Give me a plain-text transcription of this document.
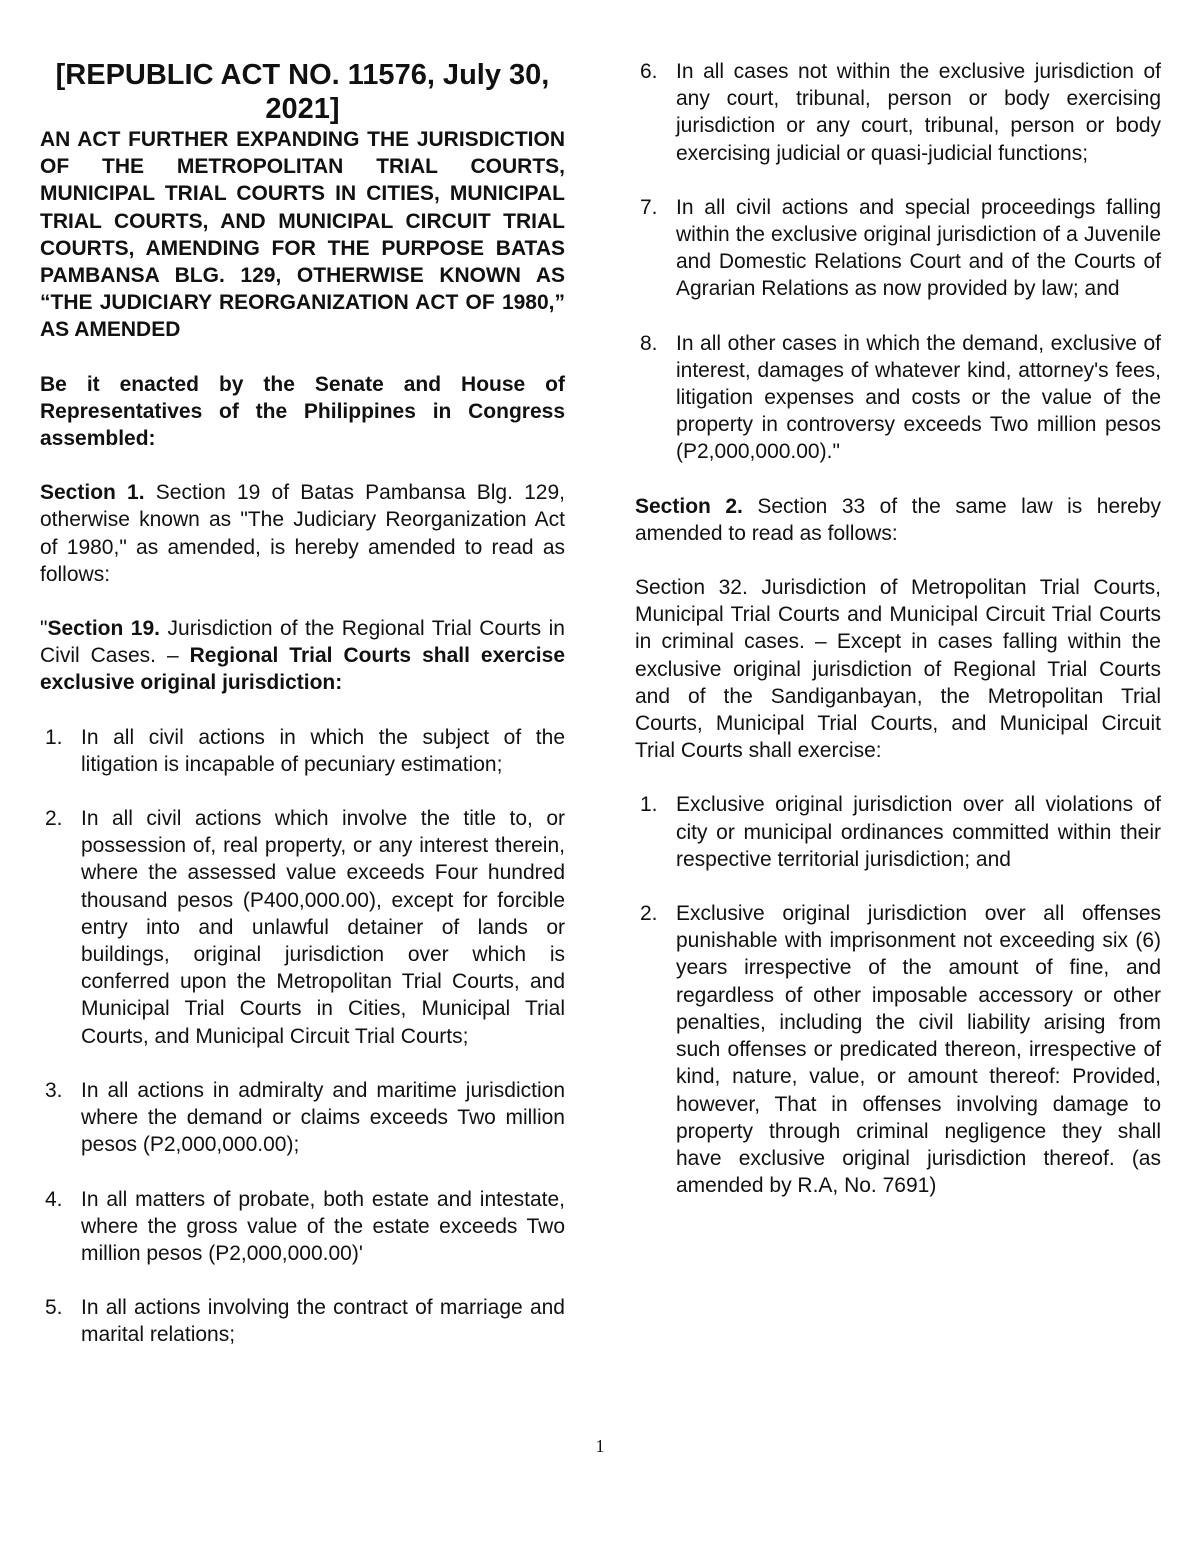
[REPUBLIC ACT NO. 11576, July 30, 2021]

AN ACT FURTHER EXPANDING THE JURISDICTION OF THE METROPOLITAN TRIAL COURTS, MUNICIPAL TRIAL COURTS IN CITIES, MUNICIPAL TRIAL COURTS, AND MUNICIPAL CIRCUIT TRIAL COURTS, AMENDING FOR THE PURPOSE BATAS PAMBANSA BLG. 129, OTHERWISE KNOWN AS “THE JUDICIARY REORGANIZATION ACT OF 1980,” AS AMENDED

Be it enacted by the Senate and House of Representatives of the Philippines in Congress assembled:

Section 1. Section 19 of Batas Pambansa Blg. 129, otherwise known as "The Judiciary Reorganization Act of 1980," as amended, is hereby amended to read as follows:

"Section 19. Jurisdiction of the Regional Trial Courts in Civil Cases. – Regional Trial Courts shall exercise exclusive original jurisdiction:

1. In all civil actions in which the subject of the litigation is incapable of pecuniary estimation;
2. In all civil actions which involve the title to, or possession of, real property, or any interest therein, where the assessed value exceeds Four hundred thousand pesos (P400,000.00), except for forcible entry into and unlawful detainer of lands or buildings, original jurisdiction over which is conferred upon the Metropolitan Trial Courts, and Municipal Trial Courts in Cities, Municipal Trial Courts, and Municipal Circuit Trial Courts;
3. In all actions in admiralty and maritime jurisdiction where the demand or claims exceeds Two million pesos (P2,000,000.00);
4. In all matters of probate, both estate and intestate, where the gross value of the estate exceeds Two million pesos (P2,000,000.00)'
5. In all actions involving the contract of marriage and marital relations;
6. In all cases not within the exclusive jurisdiction of any court, tribunal, person or body exercising jurisdiction or any court, tribunal, person or body exercising judicial or quasi-judicial functions;
7. In all civil actions and special proceedings falling within the exclusive original jurisdiction of a Juvenile and Domestic Relations Court and of the Courts of Agrarian Relations as now provided by law; and
8. In all other cases in which the demand, exclusive of interest, damages of whatever kind, attorney's fees, litigation expenses and costs or the value of the property in controversy exceeds Two million pesos (P2,000,000.00)."

Section 2. Section 33 of the same law is hereby amended to read as follows:

Section 32. Jurisdiction of Metropolitan Trial Courts, Municipal Trial Courts and Municipal Circuit Trial Courts in criminal cases. – Except in cases falling within the exclusive original jurisdiction of Regional Trial Courts and of the Sandiganbayan, the Metropolitan Trial Courts, Municipal Trial Courts, and Municipal Circuit Trial Courts shall exercise:

1. Exclusive original jurisdiction over all violations of city or municipal ordinances committed within their respective territorial jurisdiction; and
2. Exclusive original jurisdiction over all offenses punishable with imprisonment not exceeding six (6) years irrespective of the amount of fine, and regardless of other imposable accessory or other penalties, including the civil liability arising from such offenses or predicated thereon, irrespective of kind, nature, value, or amount thereof: Provided, however, That in offenses involving damage to property through criminal negligence they shall have exclusive original jurisdiction thereof. (as amended by R.A, No. 7691)
1
